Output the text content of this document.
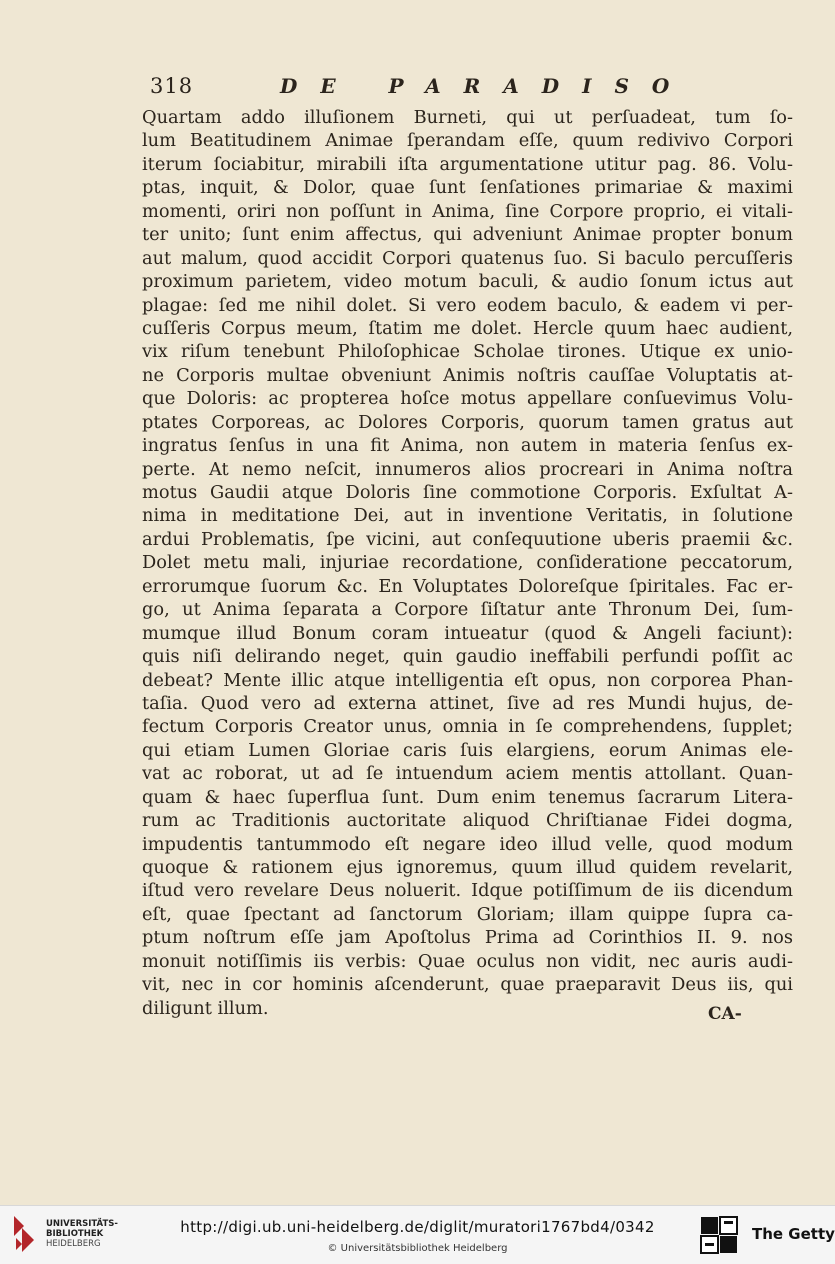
318	DE PARADISO
Quartam addo illuſionem Burneti, qui ut perſuadeat, tum ſo-
lum Beatitudinem Animae ſperandam eſſe, quum redivivo Corpori
iterum ſociabitur, mirabili iſta argumentatione utitur pag. 86. Volu-
ptas, inquit, & Dolor, quae ſunt ſenſationes primariae & maximi
momenti, oriri non poſſunt in Anima, ſine Corpore proprio, ei vitali-
ter unito; ſunt enim affectus, qui adveniunt Animae propter bonum
aut malum, quod accidit Corpori quatenus ſuo. Si baculo percuſſeris
proximum parietem, video motum baculi, & audio ſonum ictus aut
plagae: ſed me nihil dolet. Si vero eodem baculo, & eadem vi per-
cuſſeris Corpus meum, ſtatim me dolet. Hercle quum haec audient,
vix riſum tenebunt Philoſophicae Scholae tirones. Utique ex unio-
ne Corporis multae obveniunt Animis noſtris cauſſae Voluptatis at-
que Doloris: ac propterea hoſce motus appellare conſuevimus Volu-
ptates Corporeas, ac Dolores Corporis, quorum tamen gratus aut
ingratus ſenſus in una fit Anima, non autem in materia ſenſus ex-
perte. At nemo neſcit, innumeros alios procreari in Anima noſtra
motus Gaudii atque Doloris ſine commotione Corporis. Exſultat A-
nima in meditatione Dei, aut in inventione Veritatis, in ſolutione
ardui Problematis, ſpe vicini, aut conſequutione uberis praemii &c.
Dolet metu mali, injuriae recordatione, conſideratione peccatorum,
errorumque ſuorum &c. En Voluptates Doloreſque ſpiritales. Fac er-
go, ut Anima ſeparata a Corpore ſiſtatur ante Thronum Dei, ſum-
mumque illud Bonum coram intueatur (quod & Angeli faciunt):
quis niſi delirando neget, quin gaudio ineffabili perfundi poſſit ac
debeat? Mente illic atque intelligentia eſt opus, non corporea Phan-
taſia. Quod vero ad externa attinet, ſive ad res Mundi hujus, de-
fectum Corporis Creator unus, omnia in ſe comprehendens, ſupplet;
qui etiam Lumen Gloriae caris ſuis elargiens, eorum Animas ele-
vat ac roborat, ut ad ſe intuendum aciem mentis attollant. Quan-
quam & haec ſuperflua ſunt. Dum enim tenemus ſacrarum Litera-
rum ac Traditionis auctoritate aliquod Chriſtianae Fidei dogma,
impudentis tantummodo eſt negare ideo illud velle, quod modum
quoque & rationem ejus ignoremus, quum illud quidem revelarit,
iſtud vero revelare Deus noluerit. Idque potiſſimum de iis dicendum
eſt, quae ſpectant ad ſanctorum Gloriam; illam quippe ſupra ca-
ptum noſtrum eſſe jam Apoſtolus Prima ad Corinthios II. 9. nos
monuit notiſſimis iis verbis: Quae oculus non vidit, nec auris audi-
vit, nec in cor hominis aſcenderunt, quae praeparavit Deus iis, qui
diligunt illum.	CA-
UNIVERSITÄTS-
BIBLIOTHEK
HEIDELBERG
http://digi.ub.uni-heidelberg.de/diglit/muratori1767bd4/0342
© Universitätsbibliothek Heidelberg
The Getty
